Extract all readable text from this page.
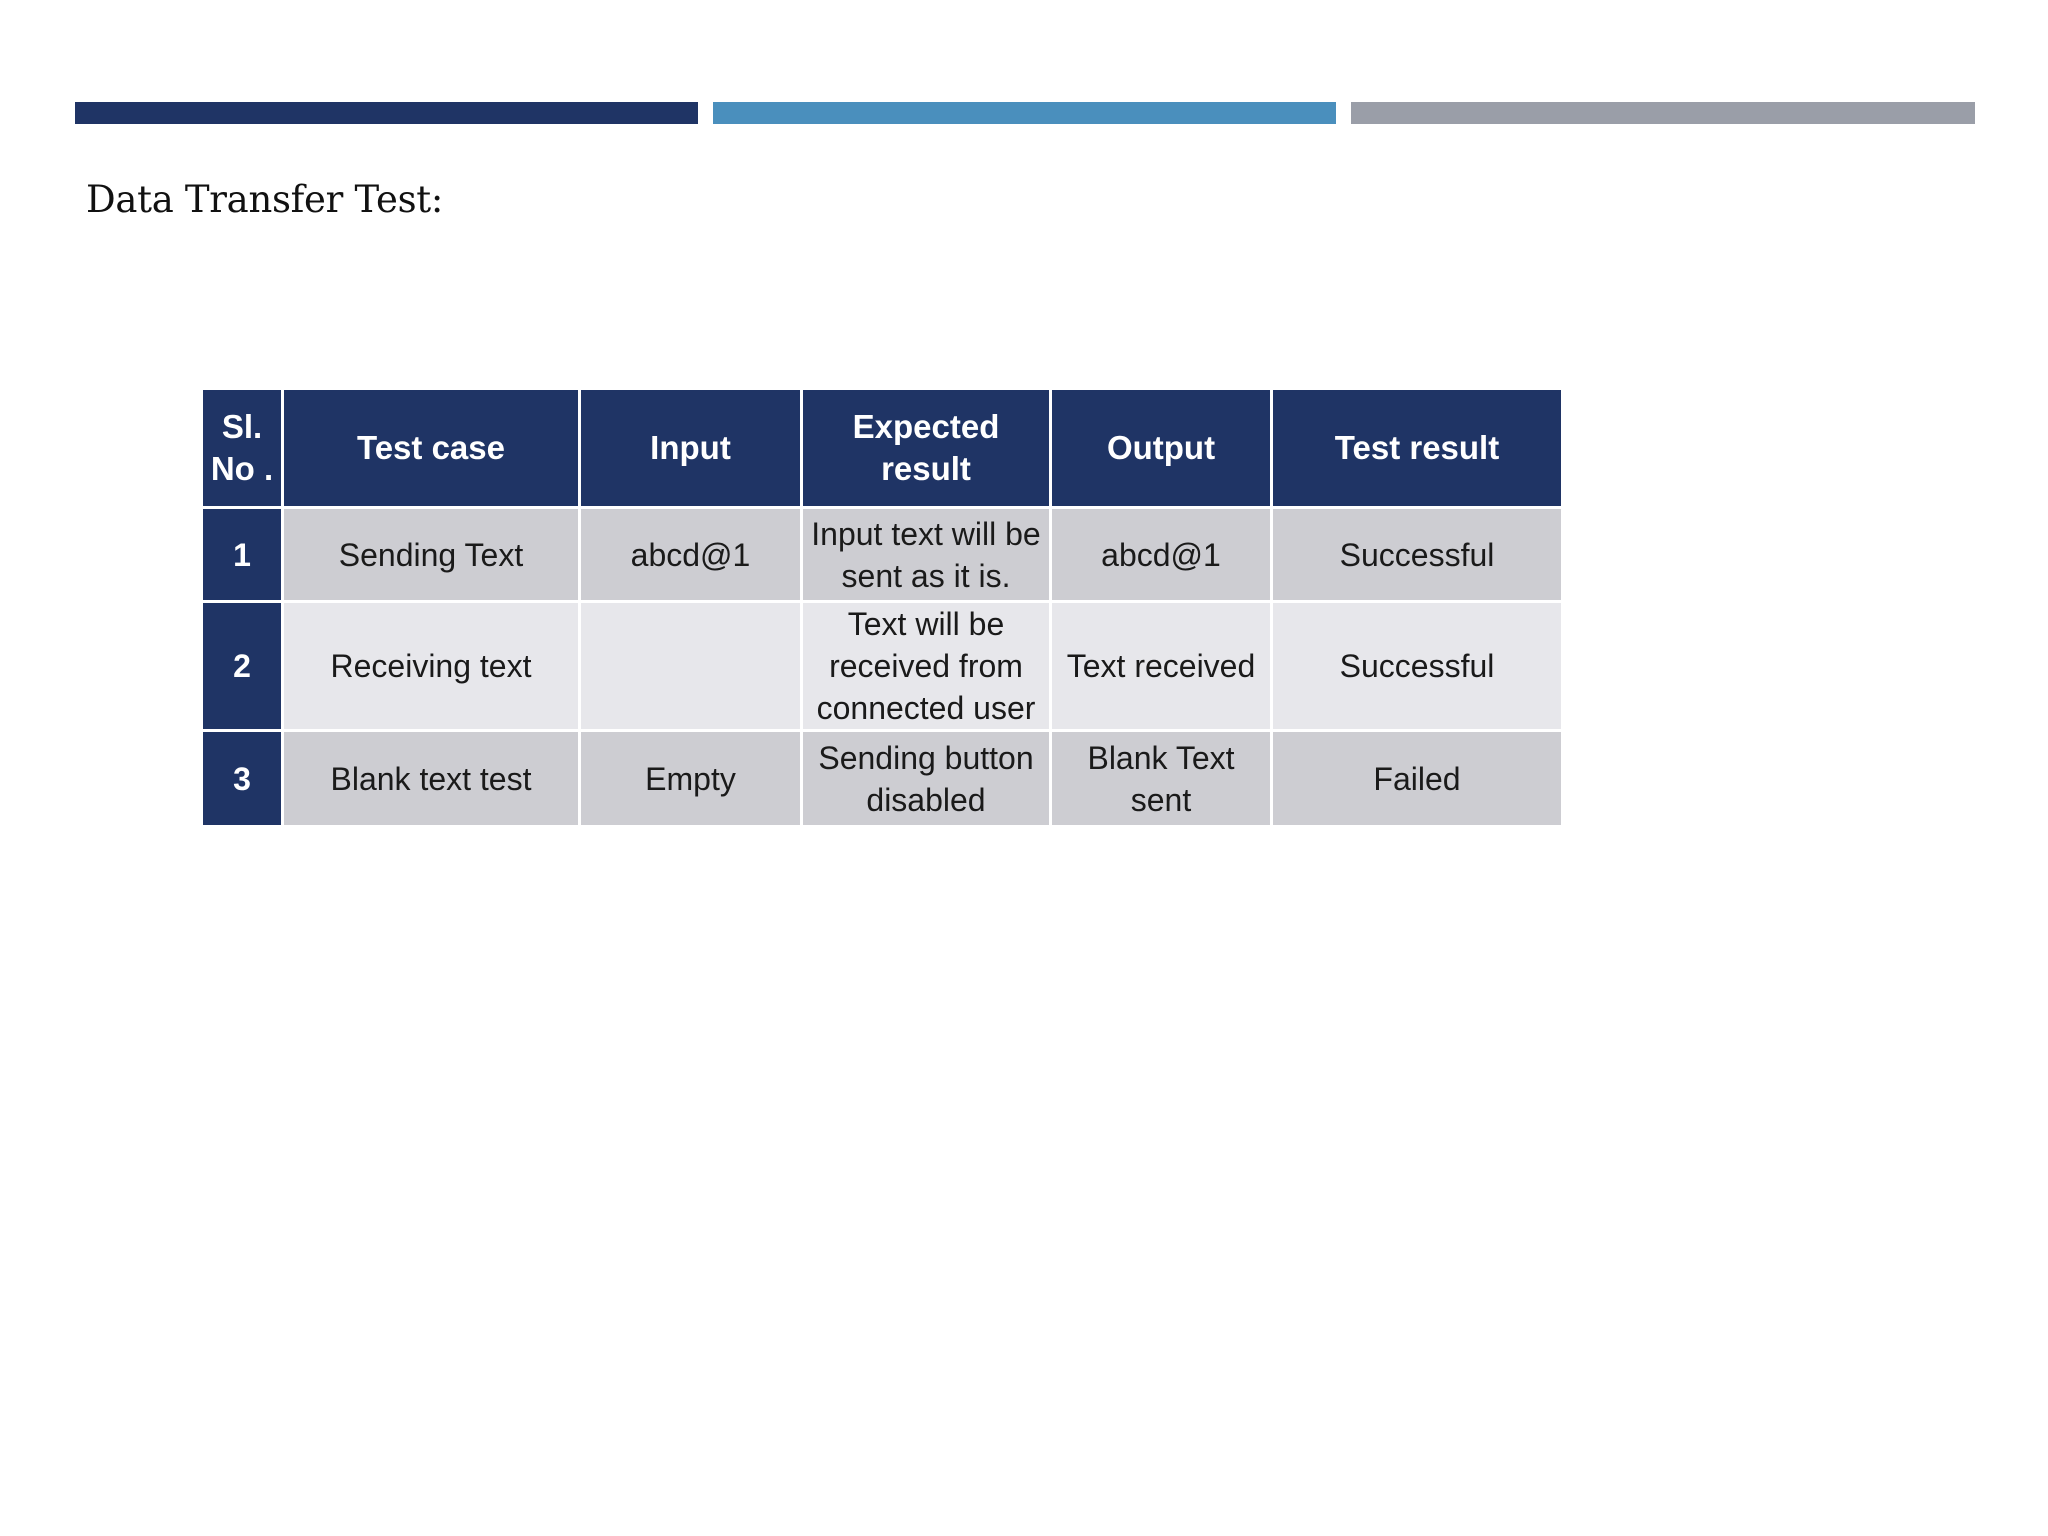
Data Transfer Test:
Sl. No .	Test case	Input	Expected result	Output	Test result
1	Sending Text	abcd@1	Input text will be sent as it is.	abcd@1	Successful
2	Receiving text		Text will be received from connected user	Text received	Successful
3	Blank text test	Empty	Sending button disabled	Blank Text sent	Failed
